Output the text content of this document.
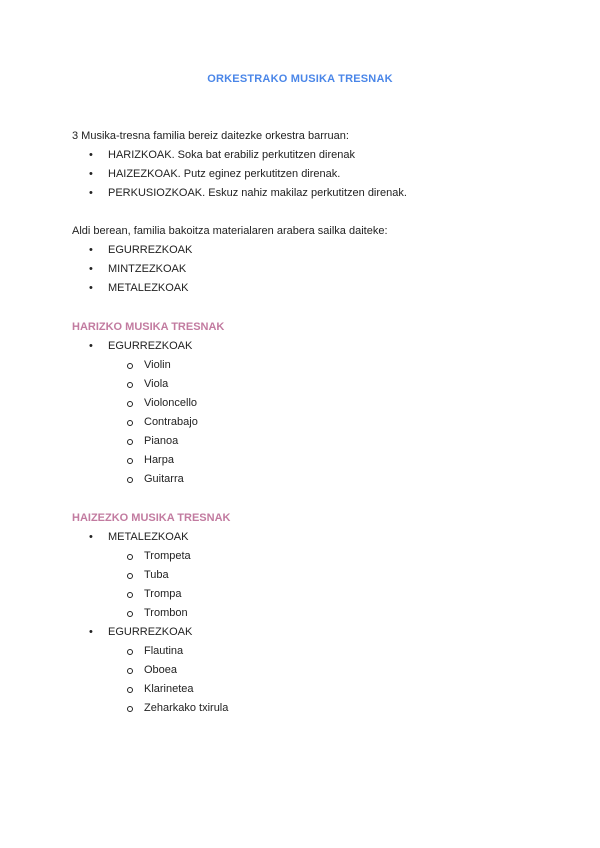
ORKESTRAKO MUSIKA TRESNAK
3 Musika-tresna familia bereiz daitezke orkestra barruan:
• HARIZKOAK. Soka bat erabiliz perkutitzen direnak
• HAIZEZKOAK. Putz eginez perkutitzen direnak.
• PERKUSIOZKOAK. Eskuz nahiz makilaz perkutitzen direnak.
Aldi berean, familia bakoitza materialaren arabera sailka daiteke:
• EGURREZKOAK
• MINTZEZKOAK
• METALEZKOAK
HARIZKO MUSIKA TRESNAK
• EGURREZKOAK
Violin
Viola
Violoncello
Contrabajo
Pianoa
Harpa
Guitarra
HAIZEZKO MUSIKA TRESNAK
• METALEZKOAK
Trompeta
Tuba
Trompa
Trombon
• EGURREZKOAK
Flautina
Oboea
Klarinetea
Zeharkako txirula
